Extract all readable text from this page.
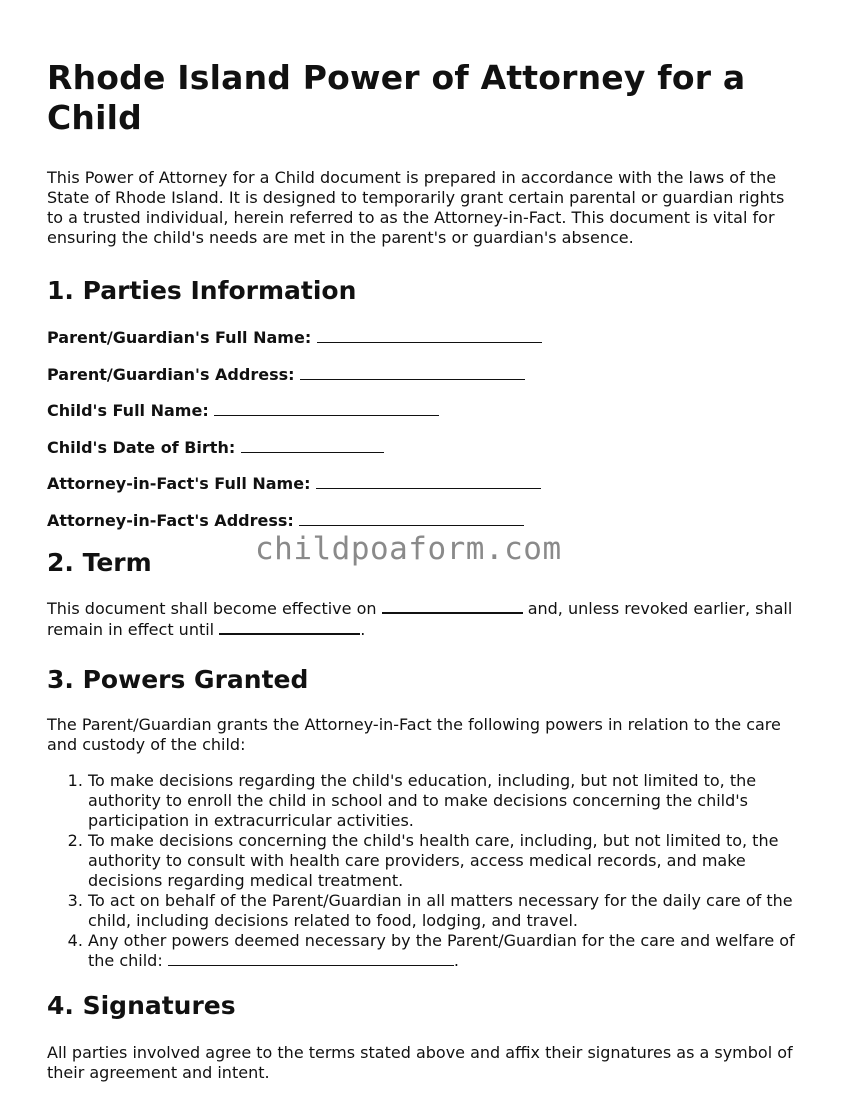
Rhode Island Power of Attorney for a Child

This Power of Attorney for a Child document is prepared in accordance with the laws of the State of Rhode Island. It is designed to temporarily grant certain parental or guardian rights to a trusted individual, herein referred to as the Attorney-in-Fact. This document is vital for ensuring the child's needs are met in the parent's or guardian's absence.

1. Parties Information
Parent/Guardian's Full Name:
Parent/Guardian's Address:
Child's Full Name:
Child's Date of Birth:
Attorney-in-Fact's Full Name:
Attorney-in-Fact's Address:
2. Term

This document shall become effective on	and, unless revoked earlier, shall remain in effect until	.

3. Powers Granted

The Parent/Guardian grants the Attorney-in-Fact the following powers in relation to the care and custody of the child:

1. To make decisions regarding the child's education, including, but not limited to, the authority to enroll the child in school and to make decisions concerning the child's participation in extracurricular activities.
2. To make decisions concerning the child's health care, including, but not limited to, the authority to consult with health care providers, access medical records, and make decisions regarding medical treatment.
3. To act on behalf of the Parent/Guardian in all matters necessary for the daily care of the child, including decisions related to food, lodging, and travel.
4. Any other powers deemed necessary by the Parent/Guardian for the care and welfare of the child:	.
4. Signatures

All parties involved agree to the terms stated above and affix their signatures as a symbol of their agreement and intent.

childpoaform.com
